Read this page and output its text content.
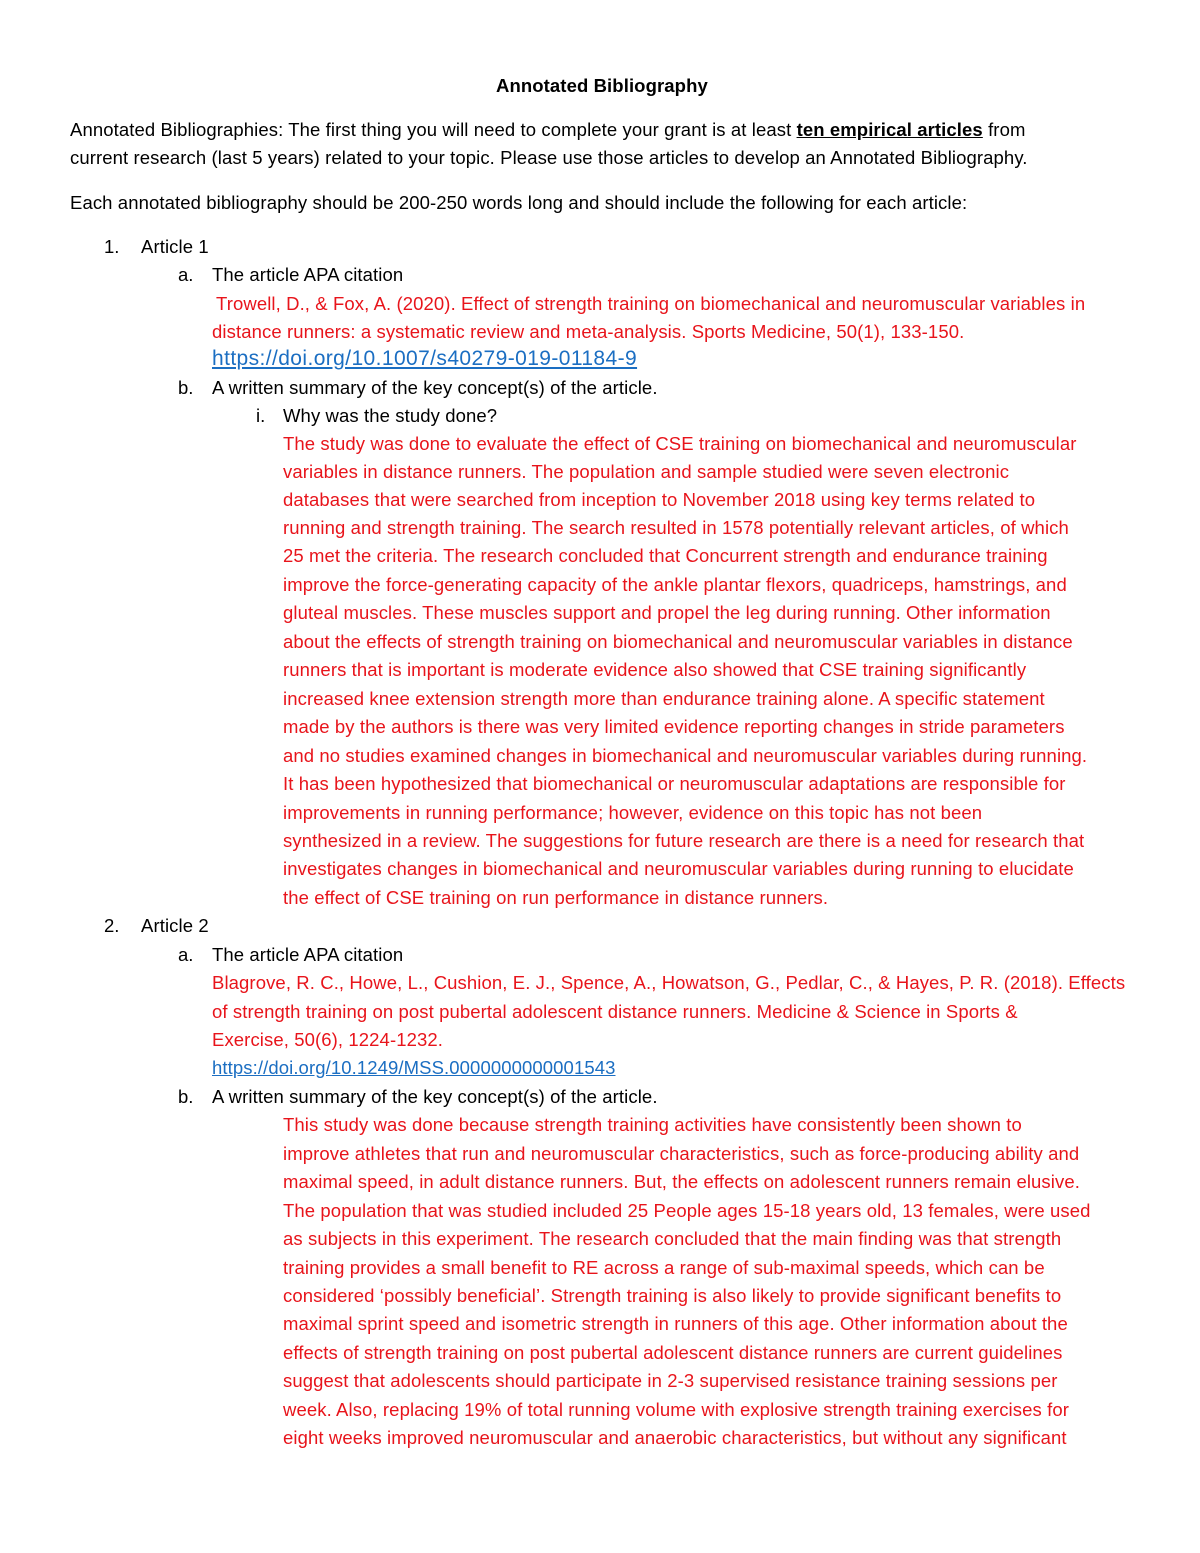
Annotated Bibliography
Annotated Bibliographies: The first thing you will need to complete your grant is at least ten empirical articles from
current research (last 5 years) related to your topic. Please use those articles to develop an Annotated Bibliography.
Each annotated bibliography should be 200-250 words long and should include the following for each article:
1. Article 1
a. The article APA citation
Trowell, D., & Fox, A. (2020). Effect of strength training on biomechanical and neuromuscular variables in
distance runners: a systematic review and meta-analysis. Sports Medicine, 50(1), 133-150.
https://doi.org/10.1007/s40279-019-01184-9
b. A written summary of the key concept(s) of the article.
i. Why was the study done?
The study was done to evaluate the effect of CSE training on biomechanical and neuromuscular
variables in distance runners. The population and sample studied were seven electronic
databases that were searched from inception to November 2018 using key terms related to
running and strength training. The search resulted in 1578 potentially relevant articles, of which
25 met the criteria. The research concluded that Concurrent strength and endurance training
improve the force-generating capacity of the ankle plantar flexors, quadriceps, hamstrings, and
gluteal muscles. These muscles support and propel the leg during running. Other information
about the effects of strength training on biomechanical and neuromuscular variables in distance
runners that is important is moderate evidence also showed that CSE training significantly
increased knee extension strength more than endurance training alone. A specific statement
made by the authors is there was very limited evidence reporting changes in stride parameters
and no studies examined changes in biomechanical and neuromuscular variables during running.
It has been hypothesized that biomechanical or neuromuscular adaptations are responsible for
improvements in running performance; however, evidence on this topic has not been
synthesized in a review. The suggestions for future research are there is a need for research that
investigates changes in biomechanical and neuromuscular variables during running to elucidate
the effect of CSE training on run performance in distance runners.
2. Article 2
a. The article APA citation
Blagrove, R. C., Howe, L., Cushion, E. J., Spence, A., Howatson, G., Pedlar, C., & Hayes, P. R. (2018). Effects
of strength training on post pubertal adolescent distance runners. Medicine & Science in Sports &
Exercise, 50(6), 1224-1232.
https://doi.org/10.1249/MSS.0000000000001543
b. A written summary of the key concept(s) of the article.
This study was done because strength training activities have consistently been shown to
improve athletes that run and neuromuscular characteristics, such as force-producing ability and
maximal speed, in adult distance runners. But, the effects on adolescent runners remain elusive.
The population that was studied included 25 People ages 15-18 years old, 13 females, were used
as subjects in this experiment. The research concluded that the main finding was that strength
training provides a small benefit to RE across a range of sub-maximal speeds, which can be
considered ‘possibly beneficial’. Strength training is also likely to provide significant benefits to
maximal sprint speed and isometric strength in runners of this age. Other information about the
effects of strength training on post pubertal adolescent distance runners are current guidelines
suggest that adolescents should participate in 2-3 supervised resistance training sessions per
week. Also, replacing 19% of total running volume with explosive strength training exercises for
eight weeks improved neuromuscular and anaerobic characteristics, but without any significant
